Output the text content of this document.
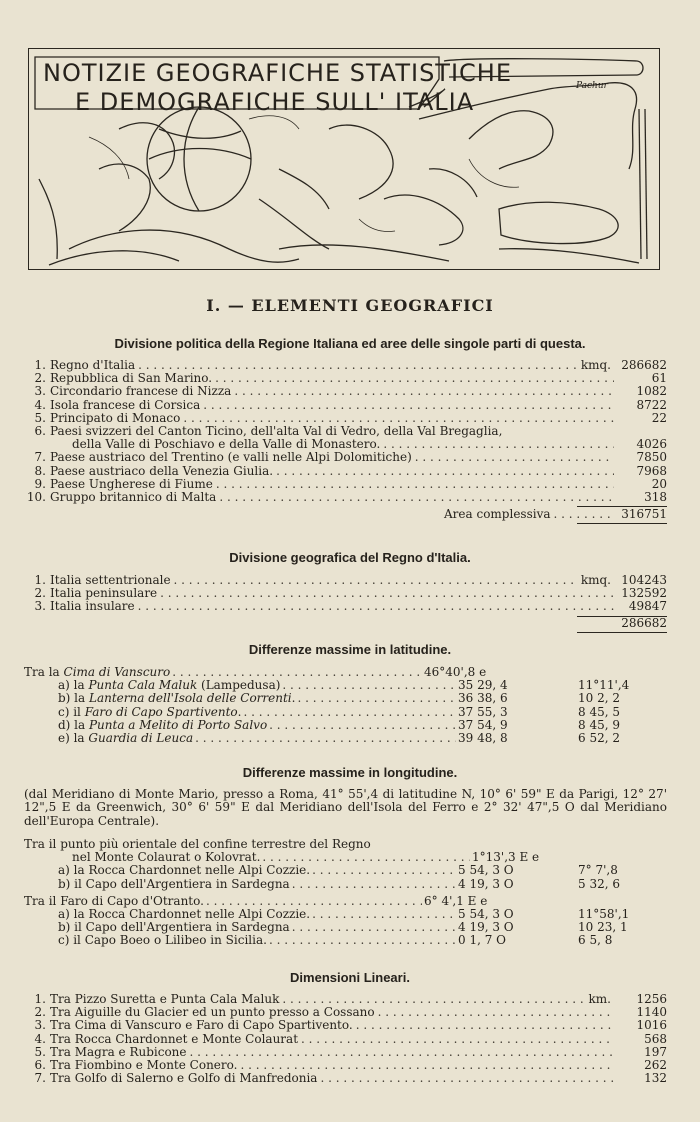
NOTIZIE GEOGRAFICHE STATISTICHE
E DEMOGRAFICHE SULL' ITALIA
Pachur
I. — ELEMENTI GEOGRAFICI
Divisione politica della Regione Italiana ed aree delle singole parti di questa.
1. Regno d'Italia . . .	kmq. 286682
2. Repubblica di San Marino. . . .	61
3. Circondario francese di Nizza . . .	1082
4. Isola francese di Corsica . . .	8722
5. Principato di Monaco . . .	22
6. Paesi svizzeri del Canton Ticino, dell'alta Val di Vedro, della Val Bregaglia,
della Valle di Poschiavo e della Valle di Monastero. . . .	4026
7. Paese austriaco del Trentino (e valli nelle Alpi Dolomitiche) . . .	7850
8. Paese austriaco della Venezia Giulia. . . .	7968
9. Paese Ungherese di Fiume . . .	20
10. Gruppo britannico di Malta . . .	318
Area complessiva . . .	316751
Divisione geografica del Regno d'Italia.
1. Italia settentrionale . . .	kmq. 104243
2. Italia peninsulare . . .	132592
3. Italia insulare . . .	49847
286682
Differenze massime in latitudine.
Tra la Cima di Vanscuro . . .	46°40',8 e
a) la Punta Cala Maluk (Lampedusa) . . .	35 29, 4	11°11',4
b) la Lanterna dell'Isola delle Correnti. . . .	36 38, 6	10 2, 2
c) il Faro di Capo Spartivento. . . .	37 55, 3	8 45, 5
d) la Punta a Melito di Porto Salvo . . .	37 54, 9	8 45, 9
e) la Guardia di Leuca . . .	39 48, 8	6 52, 2
Differenze massime in longitudine.
(dal Meridiano di Monte Mario, presso a Roma, 41° 55',4 di latitudine N, 10° 6' 59" E da Parigi, 12° 27' 12",5 E da Greenwich, 30° 6' 59" E dal Meridiano dell'Isola del Ferro e 2° 32' 47",5 O dal Meridiano dell'Europa Centrale).
Tra il punto più orientale del confine terrestre del Regno
nel Monte Colaurat o Kolovrat. . . .	1°13',3 E e
a) la Rocca Chardonnet nelle Alpi Cozzie. . . .	5 54, 3 O	7° 7',8
b) il Capo dell'Argentiera in Sardegna . . .	4 19, 3 O	5 32, 6
Tra il Faro di Capo d'Otranto. . . .	6° 4',1 E e
a) la Rocca Chardonnet nelle Alpi Cozzie. . . .	5 54, 3 O	11°58',1
b) il Capo dell'Argentiera in Sardegna . . .	4 19, 3 O	10 23, 1
c) il Capo Boeo o Lilibeo in Sicilia. . . .	0 1, 7 O	6 5, 8
Dimensioni Lineari.
1. Tra Pizzo Suretta e Punta Cala Maluk . . .	km.	1256
2. Tra Aiguille du Glacier ed un punto presso a Cossano . . .	1140
3. Tra Cima di Vanscuro e Faro di Capo Spartivento. . . .	1016
4. Tra Rocca Chardonnet e Monte Colaurat . . .	568
5. Tra Magra e Rubicone . . .	197
6. Tra Fiombino e Monte Conero. . . .	262
7. Tra Golfo di Salerno e Golfo di Manfredonia . . .	132
